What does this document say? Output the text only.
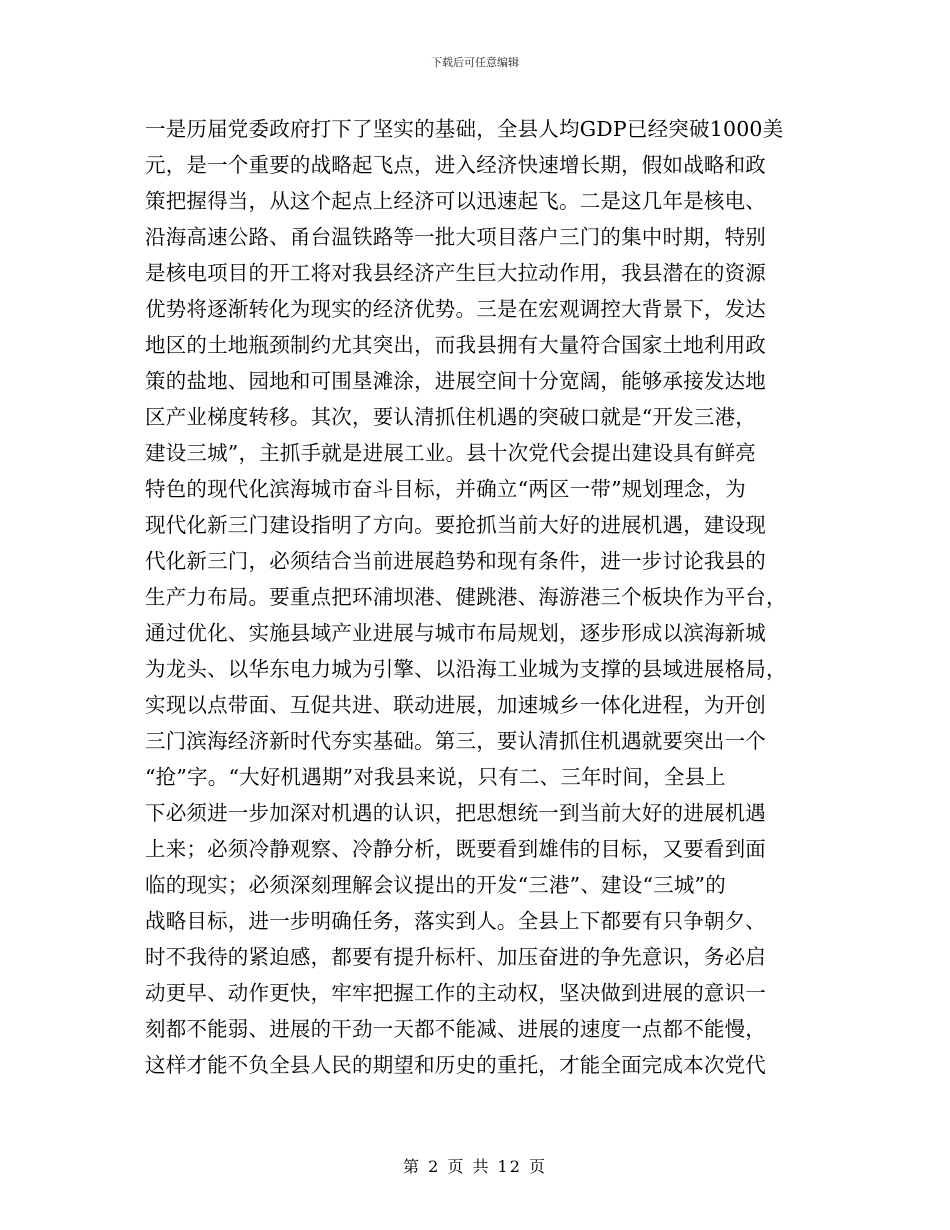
下载后可任意编辑
一是历届党委政府打下了坚实的基础，全县人均GDP已经突破1000美
元，是一个重要的战略起飞点，进入经济快速增长期，假如战略和政
策把握得当，从这个起点上经济可以迅速起飞。二是这几年是核电、
沿海高速公路、甬台温铁路等一批大项目落户三门的集中时期，特别
是核电项目的开工将对我县经济产生巨大拉动作用，我县潜在的资源
优势将逐渐转化为现实的经济优势。三是在宏观调控大背景下，发达
地区的土地瓶颈制约尤其突出，而我县拥有大量符合国家土地利用政
策的盐地、园地和可围垦滩涂，进展空间十分宽阔，能够承接发达地
区产业梯度转移。其次，要认清抓住机遇的突破口就是“开发三港，
建设三城”，主抓手就是进展工业。县十次党代会提出建设具有鲜亮
特色的现代化滨海城市奋斗目标，并确立“两区一带”规划理念，为
现代化新三门建设指明了方向。要抢抓当前大好的进展机遇，建设现
代化新三门，必须结合当前进展趋势和现有条件，进一步讨论我县的
生产力布局。要重点把环浦坝港、健跳港、海游港三个板块作为平台，
通过优化、实施县域产业进展与城市布局规划，逐步形成以滨海新城
为龙头、以华东电力城为引擎、以沿海工业城为支撑的县域进展格局，
实现以点带面、互促共进、联动进展，加速城乡一体化进程，为开创
三门滨海经济新时代夯实基础。第三，要认清抓住机遇就要突出一个
“抢”字。“大好机遇期”对我县来说，只有二、三年时间，全县上
下必须进一步加深对机遇的认识，把思想统一到当前大好的进展机遇
上来；必须冷静观察、冷静分析，既要看到雄伟的目标，又要看到面
临的现实；必须深刻理解会议提出的开发“三港”、建设“三城”的
战略目标，进一步明确任务，落实到人。全县上下都要有只争朝夕、
时不我待的紧迫感，都要有提升标杆、加压奋进的争先意识，务必启
动更早、动作更快，牢牢把握工作的主动权，坚决做到进展的意识一
刻都不能弱、进展的干劲一天都不能减、进展的速度一点都不能慢，
这样才能不负全县人民的期望和历史的重托，才能全面完成本次党代
第 2 页 共 12 页
